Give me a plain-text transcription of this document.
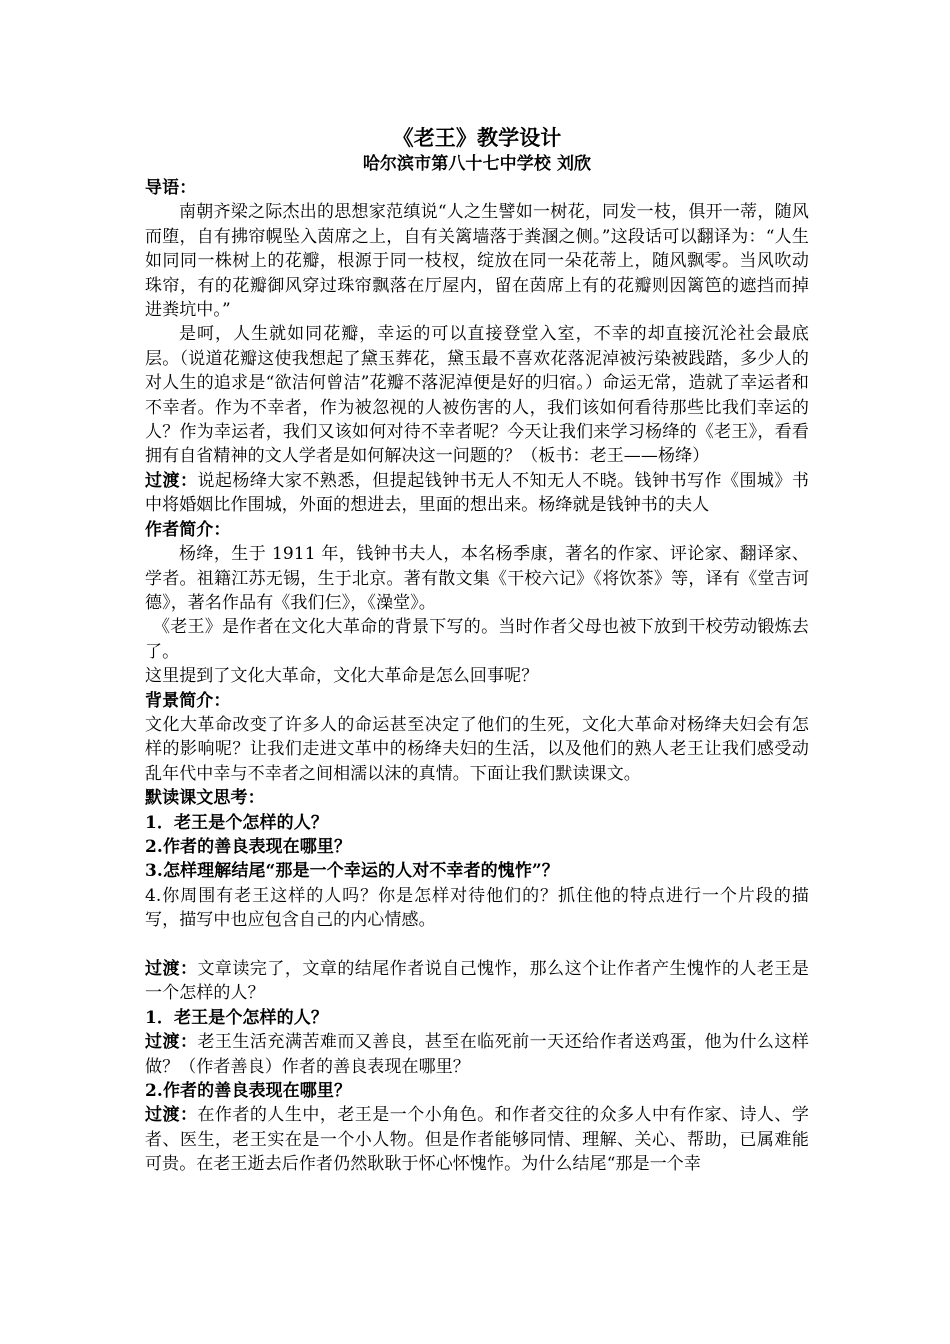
《老王》教学设计

哈尔滨市第八十七中学校 刘欣

导语：

南朝齐梁之际杰出的思想家范缜说“人之生譬如一树花，同发一枝，俱开一蒂，随风而堕，自有拂帘幌坠入茵席之上，自有关篱墙落于粪溷之侧。”这段话可以翻译为：“人生如同同一株树上的花瓣，根源于同一枝杈，绽放在同一朵花蒂上，随风飘零。当风吹动珠帘，有的花瓣御风穿过珠帘飘落在厅屋内，留在茵席上有的花瓣则因篱笆的遮挡而掉进粪坑中。”

是呵，人生就如同花瓣，幸运的可以直接登堂入室，不幸的却直接沉沦社会最底层。（说道花瓣这使我想起了黛玉葬花，黛玉最不喜欢花落泥淖被污染被践踏，多少人的对人生的追求是“欲洁何曾洁”花瓣不落泥淖便是好的归宿。）命运无常，造就了幸运者和不幸者。作为不幸者，作为被忽视的人被伤害的人，我们该如何看待那些比我们幸运的人？作为幸运者，我们又该如何对待不幸者呢？今天让我们来学习杨绛的《老王》，看看拥有自省精神的文人学者是如何解决这一问题的？（板书：老王——杨绛）

过渡：说起杨绛大家不熟悉，但提起钱钟书无人不知无人不晓。钱钟书写作《围城》书中将婚姻比作围城，外面的想进去，里面的想出来。杨绛就是钱钟书的夫人

作者简介：

杨绛，生于 1911 年，钱钟书夫人，本名杨季康，著名的作家、评论家、翻译家、学者。祖籍江苏无锡，生于北京。著有散文集《干校六记》《将饮茶》等，译有《堂吉诃德》，著名作品有《我们仨》，《澡堂》。

《老王》是作者在文化大革命的背景下写的。当时作者父母也被下放到干校劳动锻炼去了。

这里提到了文化大革命，文化大革命是怎么回事呢？

背景简介：

文化大革命改变了许多人的命运甚至决定了他们的生死，文化大革命对杨绛夫妇会有怎样的影响呢？让我们走进文革中的杨绛夫妇的生活，以及他们的熟人老王让我们感受动乱年代中幸与不幸者之间相濡以沫的真情。下面让我们默读课文。

默读课文思考：

1．老王是个怎样的人？

2.作者的善良表现在哪里？

3.怎样理解结尾“那是一个幸运的人对不幸者的愧怍”？

4.你周围有老王这样的人吗？你是怎样对待他们的？抓住他的特点进行一个片段的描写，描写中也应包含自己的内心情感。

过渡：文章读完了，文章的结尾作者说自己愧怍，那么这个让作者产生愧怍的人老王是一个怎样的人？

1．老王是个怎样的人？

过渡：老王生活充满苦难而又善良，甚至在临死前一天还给作者送鸡蛋，他为什么这样做？（作者善良）作者的善良表现在哪里？

2.作者的善良表现在哪里？

过渡：在作者的人生中，老王是一个小角色。和作者交往的众多人中有作家、诗人、学者、医生，老王实在是一个小人物。但是作者能够同情、理解、关心、帮助，已属难能可贵。在老王逝去后作者仍然耿耿于怀心怀愧怍。为什么结尾“那是一个幸
